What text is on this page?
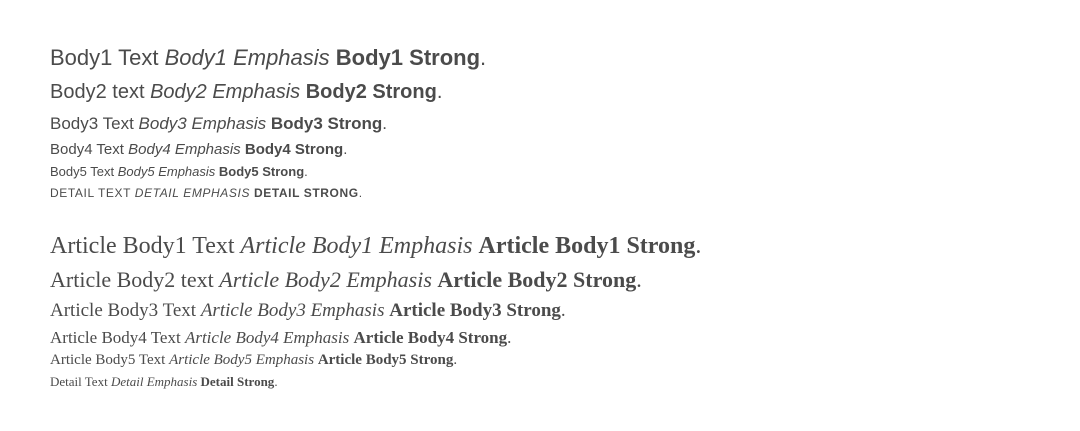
Body1 Text Body1 Emphasis Body1 Strong.
Body2 text Body2 Emphasis Body2 Strong.
Body3 Text Body3 Emphasis Body3 Strong.
Body4 Text Body4 Emphasis Body4 Strong.
Body5 Text Body5 Emphasis Body5 Strong.
DETAIL TEXT DETAIL EMPHASIS DETAIL STRONG.
Article Body1 Text Article Body1 Emphasis Article Body1 Strong.
Article Body2 text Article Body2 Emphasis Article Body2 Strong.
Article Body3 Text Article Body3 Emphasis Article Body3 Strong.
Article Body4 Text Article Body4 Emphasis Article Body4 Strong.
Article Body5 Text Article Body5 Emphasis Article Body5 Strong.
Detail Text Detail Emphasis Detail Strong.
